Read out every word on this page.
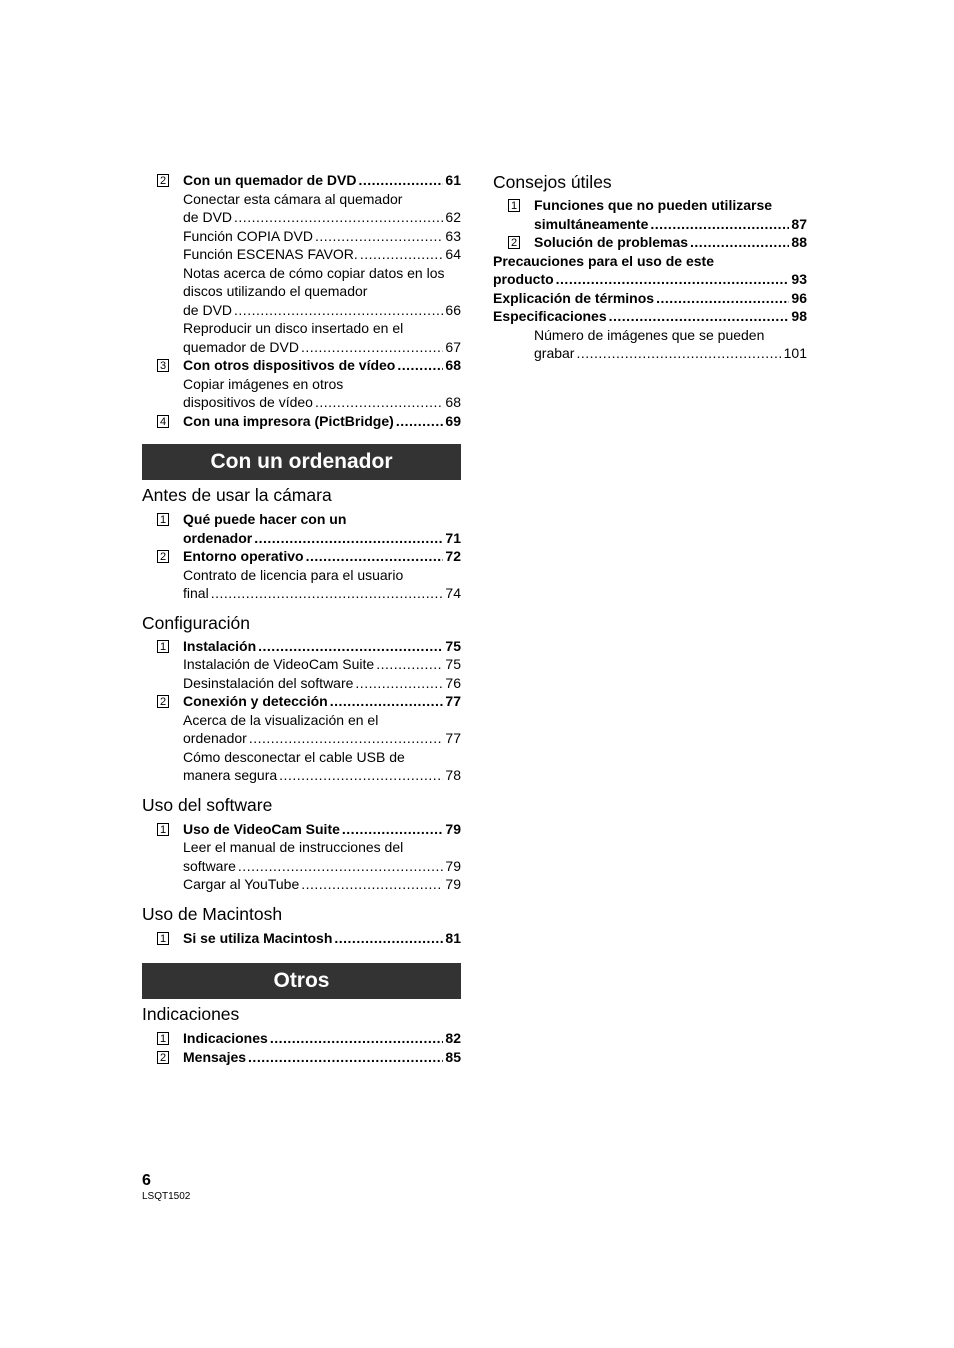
2 Con un quemador de DVD .....	61
Conectar esta cámara al quemador
de DVD .....	62
Función COPIA DVD .....	63
Función ESCENAS FAVOR. .....	64
Notas acerca de cómo copiar datos en los discos utilizando el quemador
de DVD .....	66
Reproducir un disco insertado en el
quemador de DVD .....	67
3 Con otros dispositivos de vídeo .....	68
Copiar imágenes en otros
dispositivos de vídeo .....	68
4 Con una impresora (PictBridge) .....	69
Con un ordenador
Antes de usar la cámara
1 Qué puede hacer con un
ordenador .....	71
2 Entorno operativo .....	72
Contrato de licencia para el usuario
final .....	74
Configuración
1 Instalación .....	75
Instalación de VideoCam Suite .....	75
Desinstalación del software .....	76
2 Conexión y detección .....	77
Acerca de la visualización en el
ordenador .....	77
Cómo desconectar el cable USB de
manera segura .....	78
Uso del software
1 Uso de VideoCam Suite .....	79
Leer el manual de instrucciones del
software .....	79
Cargar al YouTube .....	79
Uso de Macintosh
1 Si se utiliza Macintosh .....	81
Otros
Indicaciones
1 Indicaciones .....	82
2 Mensajes .....	85
Consejos útiles
1 Funciones que no pueden utilizarse
simultáneamente .....	87
2 Solución de problemas .....	88
Precauciones para el uso de este
producto .....	93
Explicación de términos .....	96
Especificaciones .....	98
Número de imágenes que se pueden
grabar .....	101
6
LSQT1502
